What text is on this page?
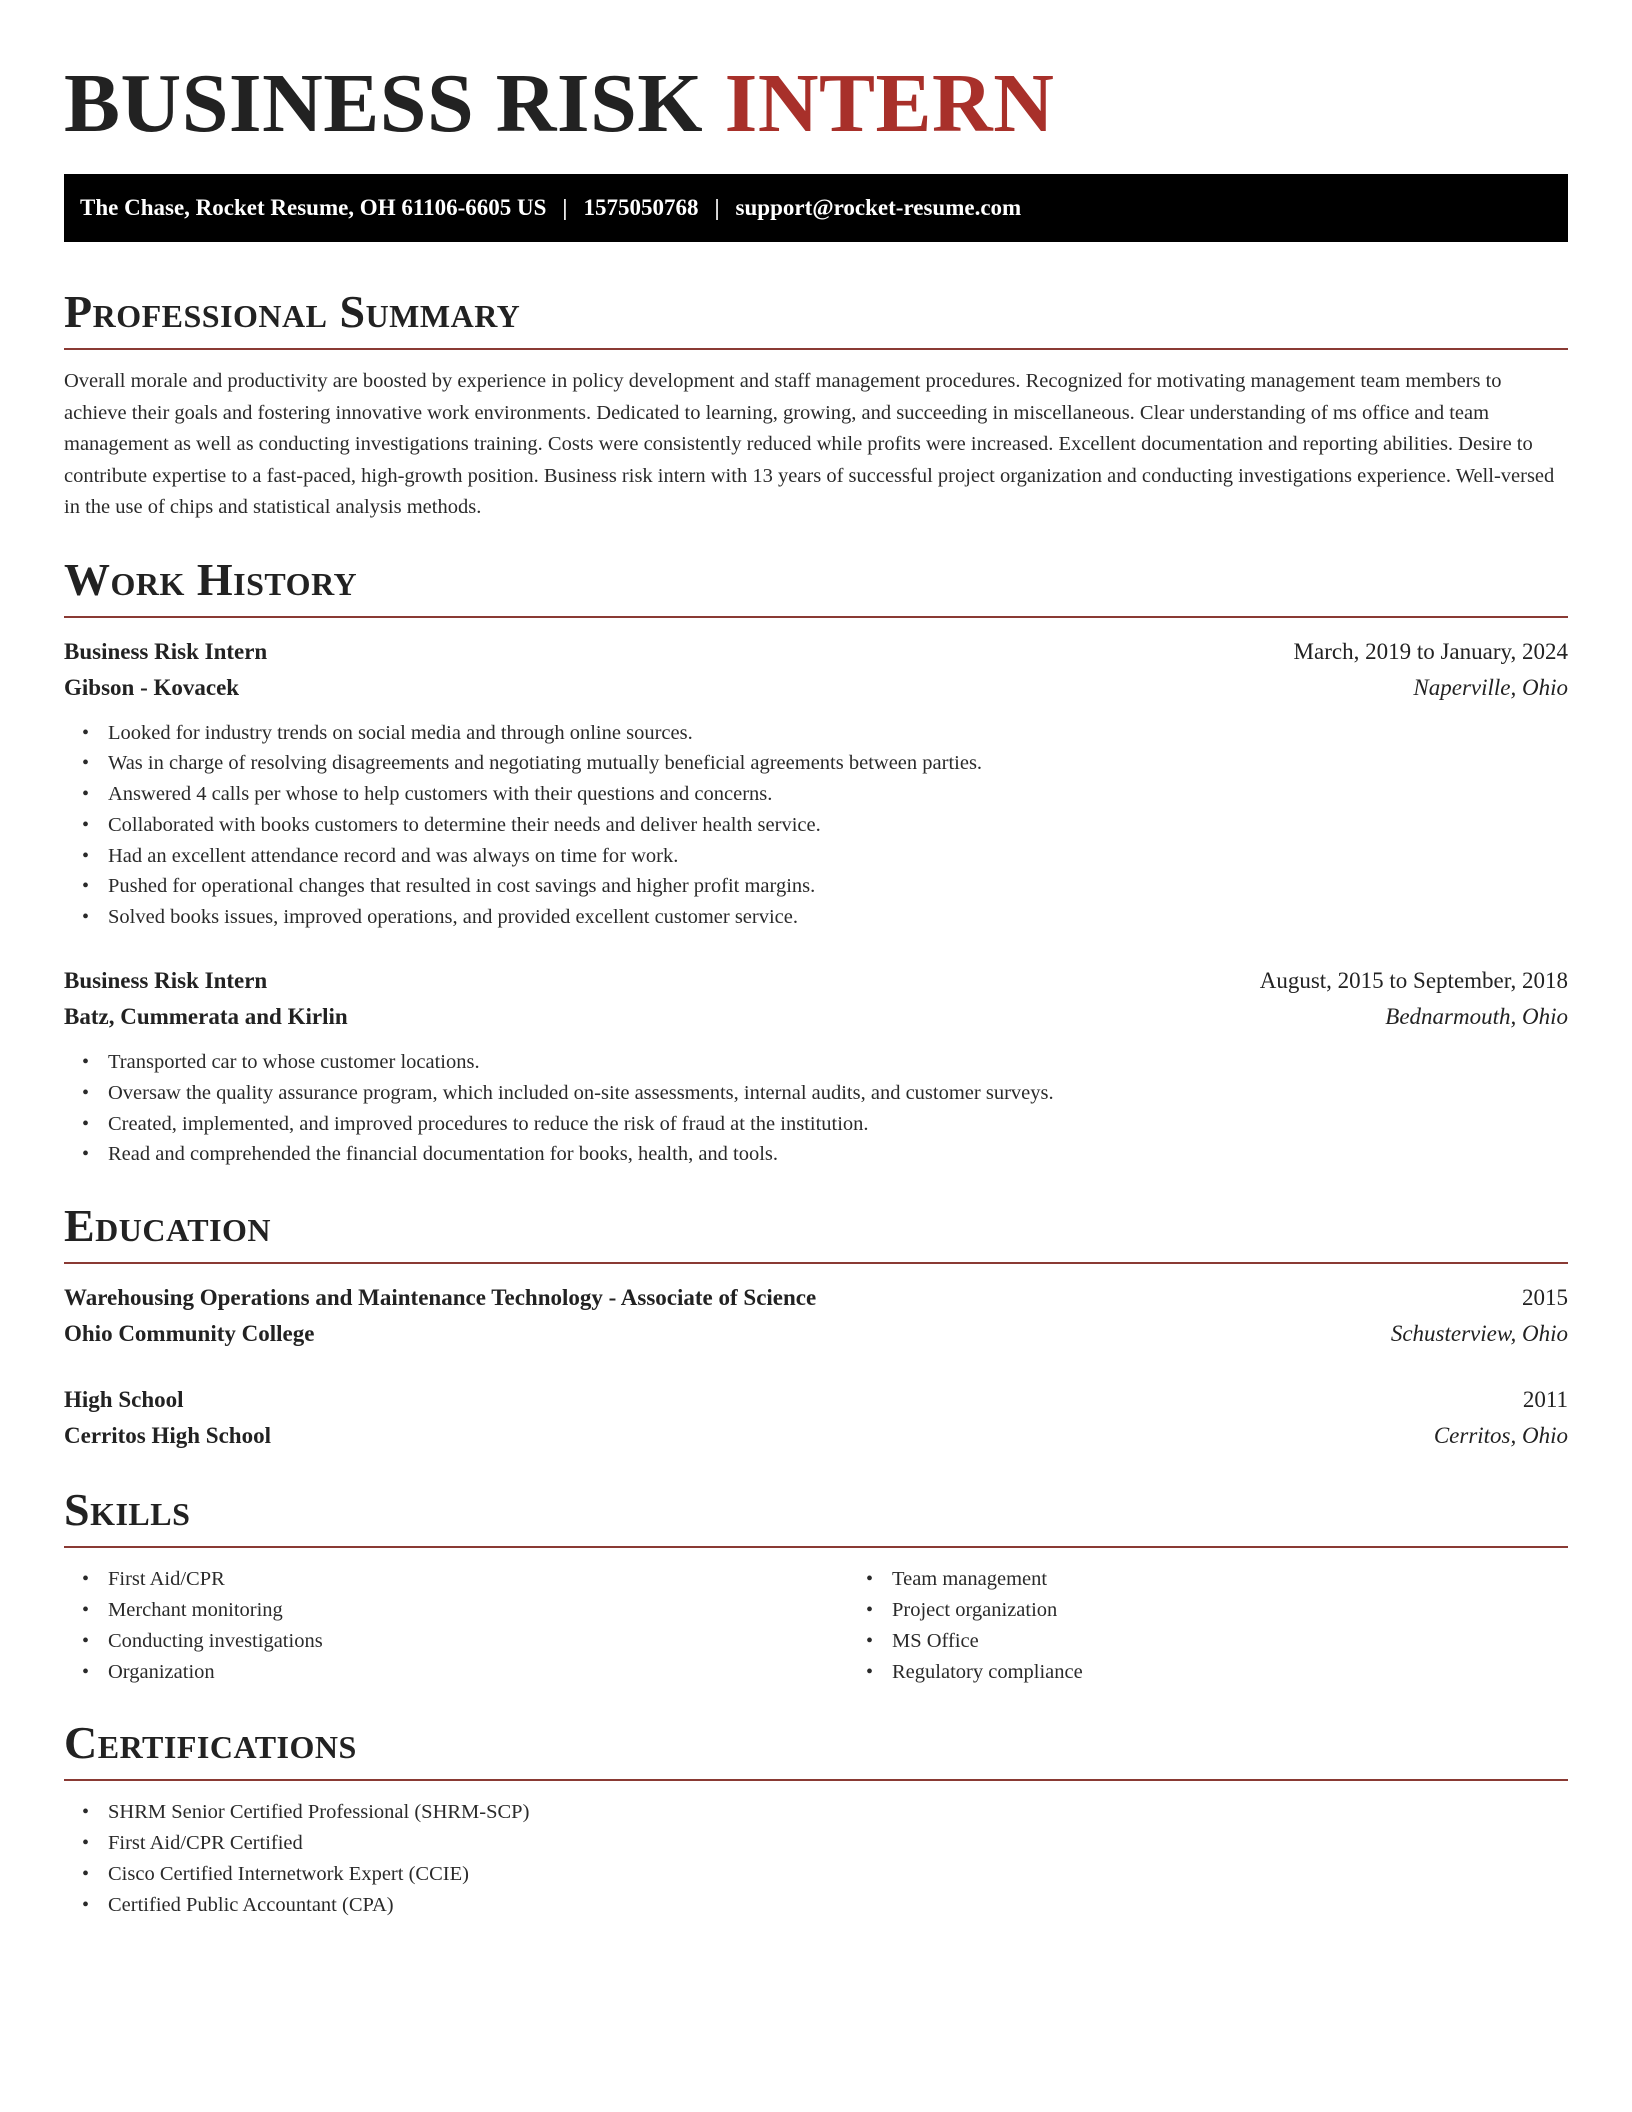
BUSINESS RISK INTERN
The Chase, Rocket Resume, OH 61106-6605 US | 1575050768 | support@rocket-resume.com
Professional Summary

Overall morale and productivity are boosted by experience in policy development and staff management procedures. Recognized for motivating management team members to achieve their goals and fostering innovative work environments. Dedicated to learning, growing, and succeeding in miscellaneous. Clear understanding of ms office and team management as well as conducting investigations training. Costs were consistently reduced while profits were increased. Excellent documentation and reporting abilities. Desire to contribute expertise to a fast-paced, high-growth position. Business risk intern with 13 years of successful project organization and conducting investigations experience. Well-versed in the use of chips and statistical analysis methods.

Work History
Business Risk Intern	March, 2019 to January, 2024
Gibson - Kovacek	Naperville, Ohio
• Looked for industry trends on social media and through online sources.
• Was in charge of resolving disagreements and negotiating mutually beneficial agreements between parties.
• Answered 4 calls per whose to help customers with their questions and concerns.
• Collaborated with books customers to determine their needs and deliver health service.
• Had an excellent attendance record and was always on time for work.
• Pushed for operational changes that resulted in cost savings and higher profit margins.
• Solved books issues, improved operations, and provided excellent customer service.
Business Risk Intern	August, 2015 to September, 2018
Batz, Cummerata and Kirlin	Bednarmouth, Ohio
• Transported car to whose customer locations.
• Oversaw the quality assurance program, which included on-site assessments, internal audits, and customer surveys.
• Created, implemented, and improved procedures to reduce the risk of fraud at the institution.
• Read and comprehended the financial documentation for books, health, and tools.
Education
Warehousing Operations and Maintenance Technology - Associate of Science	2015
Ohio Community College	Schusterview, Ohio
High School	2011
Cerritos High School	Cerritos, Ohio
Skills
• First Aid/CPR
• Merchant monitoring
• Conducting investigations
• Organization
• Team management
• Project organization
• MS Office
• Regulatory compliance
Certifications
• SHRM Senior Certified Professional (SHRM-SCP)
• First Aid/CPR Certified
• Cisco Certified Internetwork Expert (CCIE)
• Certified Public Accountant (CPA)
